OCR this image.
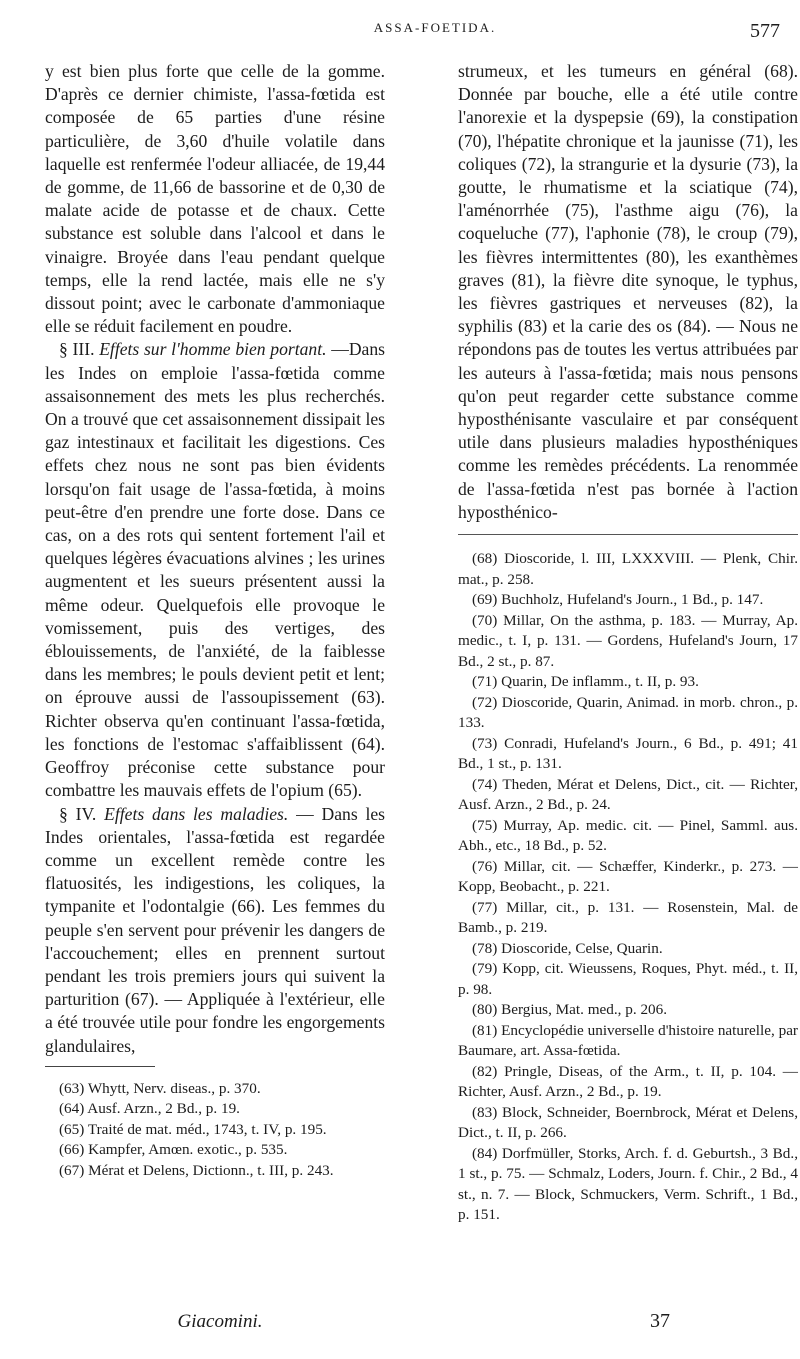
ASSA-FOETIDA.	577

y est bien plus forte que celle de la gomme. D'après ce dernier chimiste, l'assa-fœtida est composée de 65 parties d'une résine particulière, de 3,60 d'huile volatile dans laquelle est renfermée l'odeur alliacée, de 19,44 de gomme, de 11,66 de bassorine et de 0,30 de malate acide de potasse et de chaux. Cette substance est soluble dans l'alcool et dans le vinaigre. Broyée dans l'eau pendant quelque temps, elle la rend lactée, mais elle ne s'y dissout point; avec le carbonate d'ammoniaque elle se réduit facilement en poudre.

§ III. Effets sur l'homme bien portant. —Dans les Indes on emploie l'assa-fœtida comme assaisonnement des mets les plus recherchés. On a trouvé que cet assaisonnement dissipait les gaz intestinaux et facilitait les digestions. Ces effets chez nous ne sont pas bien évidents lorsqu'on fait usage de l'assa-fœtida, à moins peut-être d'en prendre une forte dose. Dans ce cas, on a des rots qui sentent fortement l'ail et quelques légères évacuations alvines ; les urines augmentent et les sueurs présentent aussi la même odeur. Quelquefois elle provoque le vomissement, puis des vertiges, des éblouissements, de l'anxiété, de la faiblesse dans les membres; le pouls devient petit et lent; on éprouve aussi de l'assoupissement (63). Richter observa qu'en continuant l'assa-fœtida, les fonctions de l'estomac s'affaiblissent (64). Geoffroy préconise cette substance pour combattre les mauvais effets de l'opium (65).

§ IV. Effets dans les maladies. — Dans les Indes orientales, l'assa-fœtida est regardée comme un excellent remède contre les flatuosités, les indigestions, les coliques, la tympanite et l'odontalgie (66). Les femmes du peuple s'en servent pour prévenir les dangers de l'accouchement; elles en prennent surtout pendant les trois premiers jours qui suivent la parturition (67). — Appliquée à l'extérieur, elle a été trouvée utile pour fondre les engorgements glandulaires,

(63) Whytt, Nerv. diseas., p. 370.

(64) Ausf. Arzn., 2 Bd., p. 19.

(65) Traité de mat. méd., 1743, t. IV, p. 195.

(66) Kampfer, Amœn. exotic., p. 535.

(67) Mérat et Delens, Dictionn., t. III, p. 243.

strumeux, et les tumeurs en général (68). Donnée par bouche, elle a été utile contre l'anorexie et la dyspepsie (69), la constipation (70), l'hépatite chronique et la jaunisse (71), les coliques (72), la strangurie et la dysurie (73), la goutte, le rhumatisme et la sciatique (74), l'aménorrhée (75), l'asthme aigu (76), la coqueluche (77), l'aphonie (78), le croup (79), les fièvres intermittentes (80), les exanthèmes graves (81), la fièvre dite synoque, le typhus, les fièvres gastriques et nerveuses (82), la syphilis (83) et la carie des os (84). — Nous ne répondons pas de toutes les vertus attribuées par les auteurs à l'assa-fœtida; mais nous pensons qu'on peut regarder cette substance comme hyposthénisante vasculaire et par conséquent utile dans plusieurs maladies hyposthéniques comme les remèdes précédents. La renommée de l'assa-fœtida n'est pas bornée à l'action hyposthénico-

(68) Dioscoride, l. III, LXXXVIII. — Plenk, Chir. mat., p. 258.

(69) Buchholz, Hufeland's Journ., 1 Bd., p. 147.

(70) Millar, On the asthma, p. 183. — Murray, Ap. medic., t. I, p. 131. — Gordens, Hufeland's Journ, 17 Bd., 2 st., p. 87.

(71) Quarin, De inflamm., t. II, p. 93.

(72) Dioscoride, Quarin, Animad. in morb. chron., p. 133.

(73) Conradi, Hufeland's Journ., 6 Bd., p. 491; 41 Bd., 1 st., p. 131.

(74) Theden, Mérat et Delens, Dict., cit. — Richter, Ausf. Arzn., 2 Bd., p. 24.

(75) Murray, Ap. medic. cit. — Pinel, Samml. aus. Abh., etc., 18 Bd., p. 52.

(76) Millar, cit. — Schæffer, Kinderkr., p. 273. — Kopp, Beobacht., p. 221.

(77) Millar, cit., p. 131. — Rosenstein, Mal. de Bamb., p. 219.

(78) Dioscoride, Celse, Quarin.

(79) Kopp, cit. Wieussens, Roques, Phyt. méd., t. II, p. 98.

(80) Bergius, Mat. med., p. 206.

(81) Encyclopédie universelle d'histoire naturelle, par Baumare, art. Assa-fœtida.

(82) Pringle, Diseas, of the Arm., t. II, p. 104. — Richter, Ausf. Arzn., 2 Bd., p. 19.

(83) Block, Schneider, Boernbrock, Mérat et Delens, Dict., t. II, p. 266.

(84) Dorfmüller, Storks, Arch. f. d. Geburtsh., 3 Bd., 1 st., p. 75. — Schmalz, Loders, Journ. f. Chir., 2 Bd., 4 st., n. 7. — Block, Schmuckers, Verm. Schrift., 1 Bd., p. 151.

Giacomini.	37
